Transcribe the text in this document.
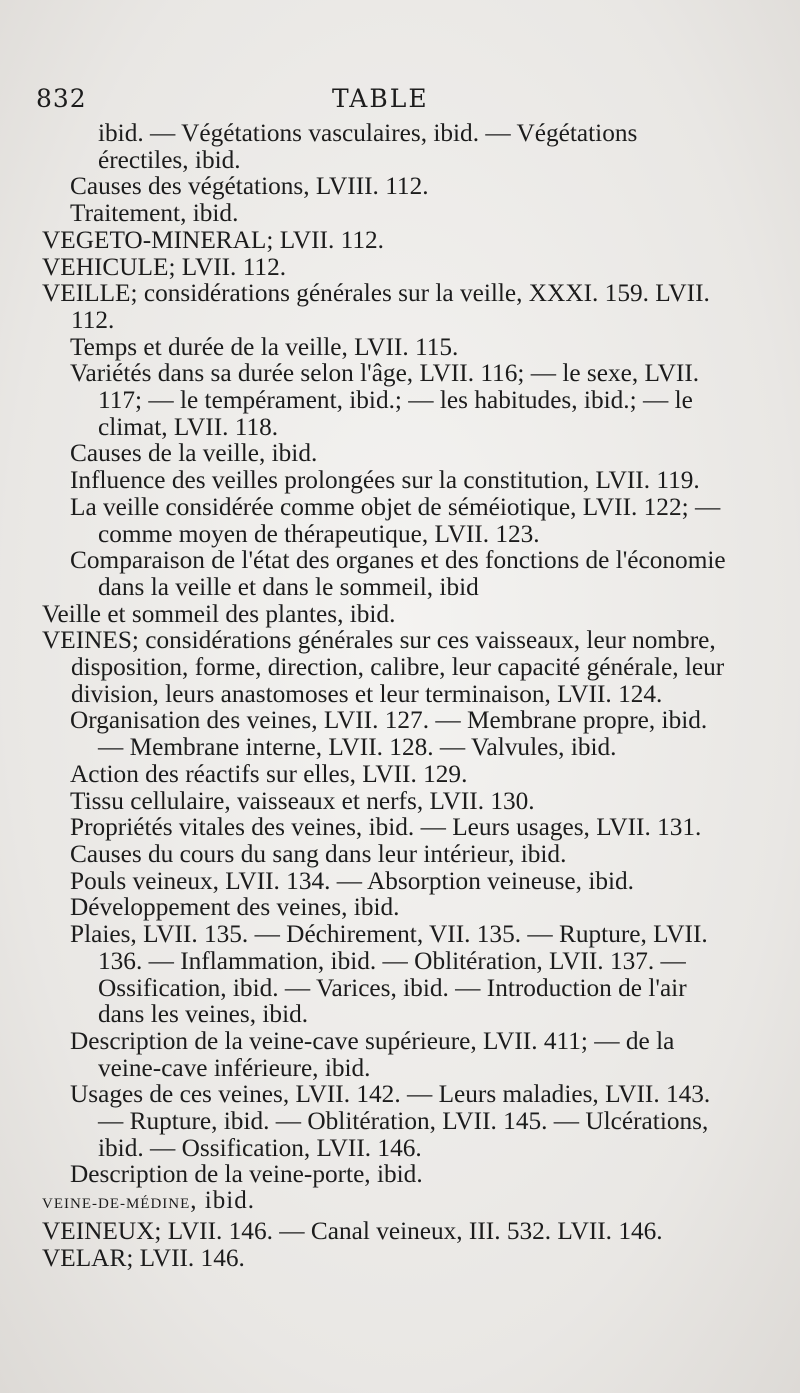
832	TABLE

ibid. — Végétations vasculaires, ibid. — Végétations érectiles, ibid.

Causes des végétations, LVIII. 112.

Traitement, ibid.

VEGETO-MINERAL; LVII. 112.

VEHICULE; LVII. 112.

VEILLE; considérations générales sur la veille, XXXI. 159. LVII. 112.

Temps et durée de la veille, LVII. 115.

Variétés dans sa durée selon l'âge, LVII. 116; — le sexe, LVII. 117; — le tempérament, ibid.; — les habitudes, ibid.; — le climat, LVII. 118.

Causes de la veille, ibid.

Influence des veilles prolongées sur la constitution, LVII. 119.

La veille considérée comme objet de séméiotique, LVII. 122; — comme moyen de thérapeutique, LVII. 123.

Comparaison de l'état des organes et des fonctions de l'économie dans la veille et dans le sommeil, ibid

Veille et sommeil des plantes, ibid.

VEINES; considérations générales sur ces vaisseaux, leur nombre, disposition, forme, direction, calibre, leur capacité générale, leur division, leurs anastomoses et leur terminaison, LVII. 124.

Organisation des veines, LVII. 127. — Membrane propre, ibid. — Membrane interne, LVII. 128. — Valvules, ibid.

Action des réactifs sur elles, LVII. 129.

Tissu cellulaire, vaisseaux et nerfs, LVII. 130.

Propriétés vitales des veines, ibid. — Leurs usages, LVII. 131.

Causes du cours du sang dans leur intérieur, ibid.

Pouls veineux, LVII. 134. — Absorption veineuse, ibid.

Développement des veines, ibid.

Plaies, LVII. 135. — Déchirement, VII. 135. — Rupture, LVII. 136. — Inflammation, ibid. — Oblitération, LVII. 137. — Ossification, ibid. — Varices, ibid. — Introduction de l'air dans les veines, ibid.

Description de la veine-cave supérieure, LVII. 411; — de la veine-cave inférieure, ibid.

Usages de ces veines, LVII. 142. — Leurs maladies, LVII. 143. — Rupture, ibid. — Oblitération, LVII. 145. — Ulcérations, ibid. — Ossification, LVII. 146.

Description de la veine-porte, ibid.

VEINE-DE-MÉDINE, ibid.

VEINEUX; LVII. 146. — Canal veineux, III. 532. LVII. 146.

VELAR; LVII. 146.
